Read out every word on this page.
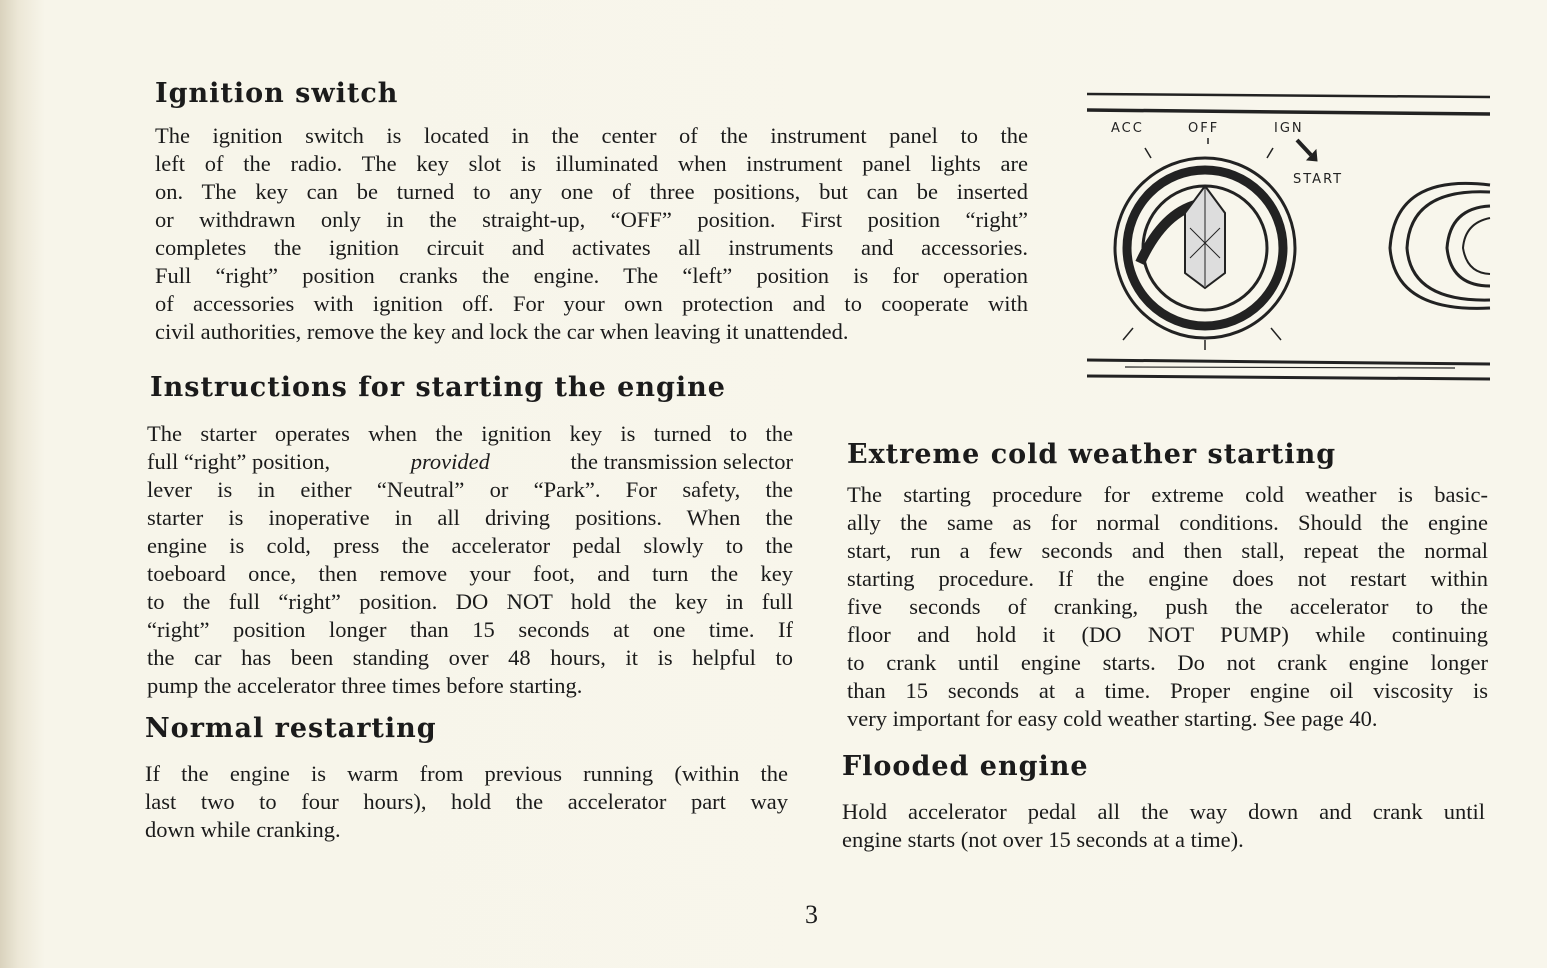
Ignition switch
The ignition switch is located in the center of the instrument panel to the
left of the radio. The key slot is illuminated when instrument panel lights are
on. The key can be turned to any one of three positions, but can be inserted
or withdrawn only in the straight-up, “OFF” position. First position “right”
completes the ignition circuit and activates all instruments and accessories.
Full “right” position cranks the engine. The “left” position is for operation
of accessories with ignition off. For your own protection and to cooperate with
civil authorities, remove the key and lock the car when leaving it unattended.
Instructions for starting the engine
The starter operates when the ignition key is turned to the
full “right” position,	provided	the transmission selector
lever is in either “Neutral” or “Park”. For safety, the
starter is inoperative in all driving positions. When the
engine is cold, press the accelerator pedal slowly to the
toeboard once, then remove your foot, and turn the key
to the full “right” position. DO NOT hold the key in full
“right” position longer than 15 seconds at one time. If
the car has been standing over 48 hours, it is helpful to
pump the accelerator three times before starting.
Normal restarting
If the engine is warm from previous running (within the
last two to four hours), hold the accelerator part way
down while cranking.
Extreme cold weather starting
The starting procedure for extreme cold weather is basic-
ally the same as for normal conditions. Should the engine
start, run a few seconds and then stall, repeat the normal
starting procedure. If the engine does not restart within
five seconds of cranking, push the accelerator to the
floor and hold it (DO NOT PUMP) while continuing
to crank until engine starts. Do not crank engine longer
than 15 seconds at a time. Proper engine oil viscosity is
very important for easy cold weather starting. See page 40.
Flooded engine
Hold accelerator pedal all the way down and crank until
engine starts (not over 15 seconds at a time).
3
ACC	OFF	IGN
START
